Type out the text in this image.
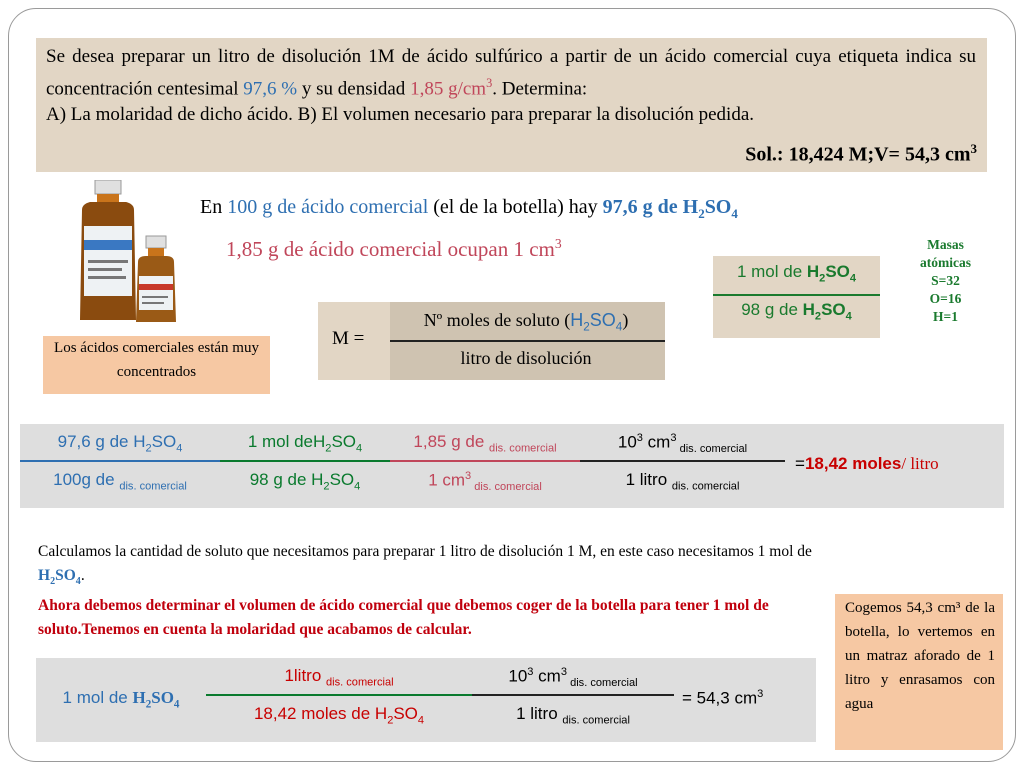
Se desea preparar un litro de disolución 1M de ácido sulfúrico a partir de un ácido comercial cuya etiqueta indica su concentración centesimal 97,6 % y su densidad 1,85 $g/cm^3$. Determina:
A) La molaridad de dicho ácido. B) El volumen necesario para preparar la disolución pedida.
Sol.: 18,424 M;V= 54,3 $cm^3$
Los ácidos comerciales están muy concentrados
En 100 g de ácido comercial (el de la botella) hay 97,6 g de $H_2SO_4$
1,85 g de ácido comercial ocupan 1 $cm^3$
1 mol de $H_2SO_4$
98 g de $H_2SO_4$
Masas
atómicas
S=32
O=16
H=1
M =
Nº moles de soluto $(H_2SO_4)$
litro de disolución
97,6 g de $H_2SO_4$
100g de $_{dis. comercial}$
1 mol $deH_2SO_4$
98 g de $H_2SO_4$
1,85 g de $_{dis. comercial}$
1 $cm^3$ $_{dis. comercial}$
$10^3$ $cm^3$ $_{dis. comercial}$
1 litro $_{dis. comercial}$
=18,42 moles/ litro
Calculamos la cantidad de soluto que necesitamos para preparar 1 litro de disolución 1 M, en este caso necesitamos 1 mol de $H_2SO_4$.
Ahora debemos determinar el volumen de ácido comercial que debemos coger de la botella para tener 1 mol de soluto.Tenemos en cuenta la molaridad que acabamos de calcular.
Cogemos 54,3 cm³ de la botella, lo vertemos en un matraz aforado de 1 litro y enrasamos con agua
1 mol de $H_2SO_4$
1litro $_{dis. comercial}$
18,42 moles de $H_2SO_4$
$10^3$ $cm^3$ $_{dis. comercial}$
1 litro $_{dis. comercial}$
= 54,3 $cm^3$
